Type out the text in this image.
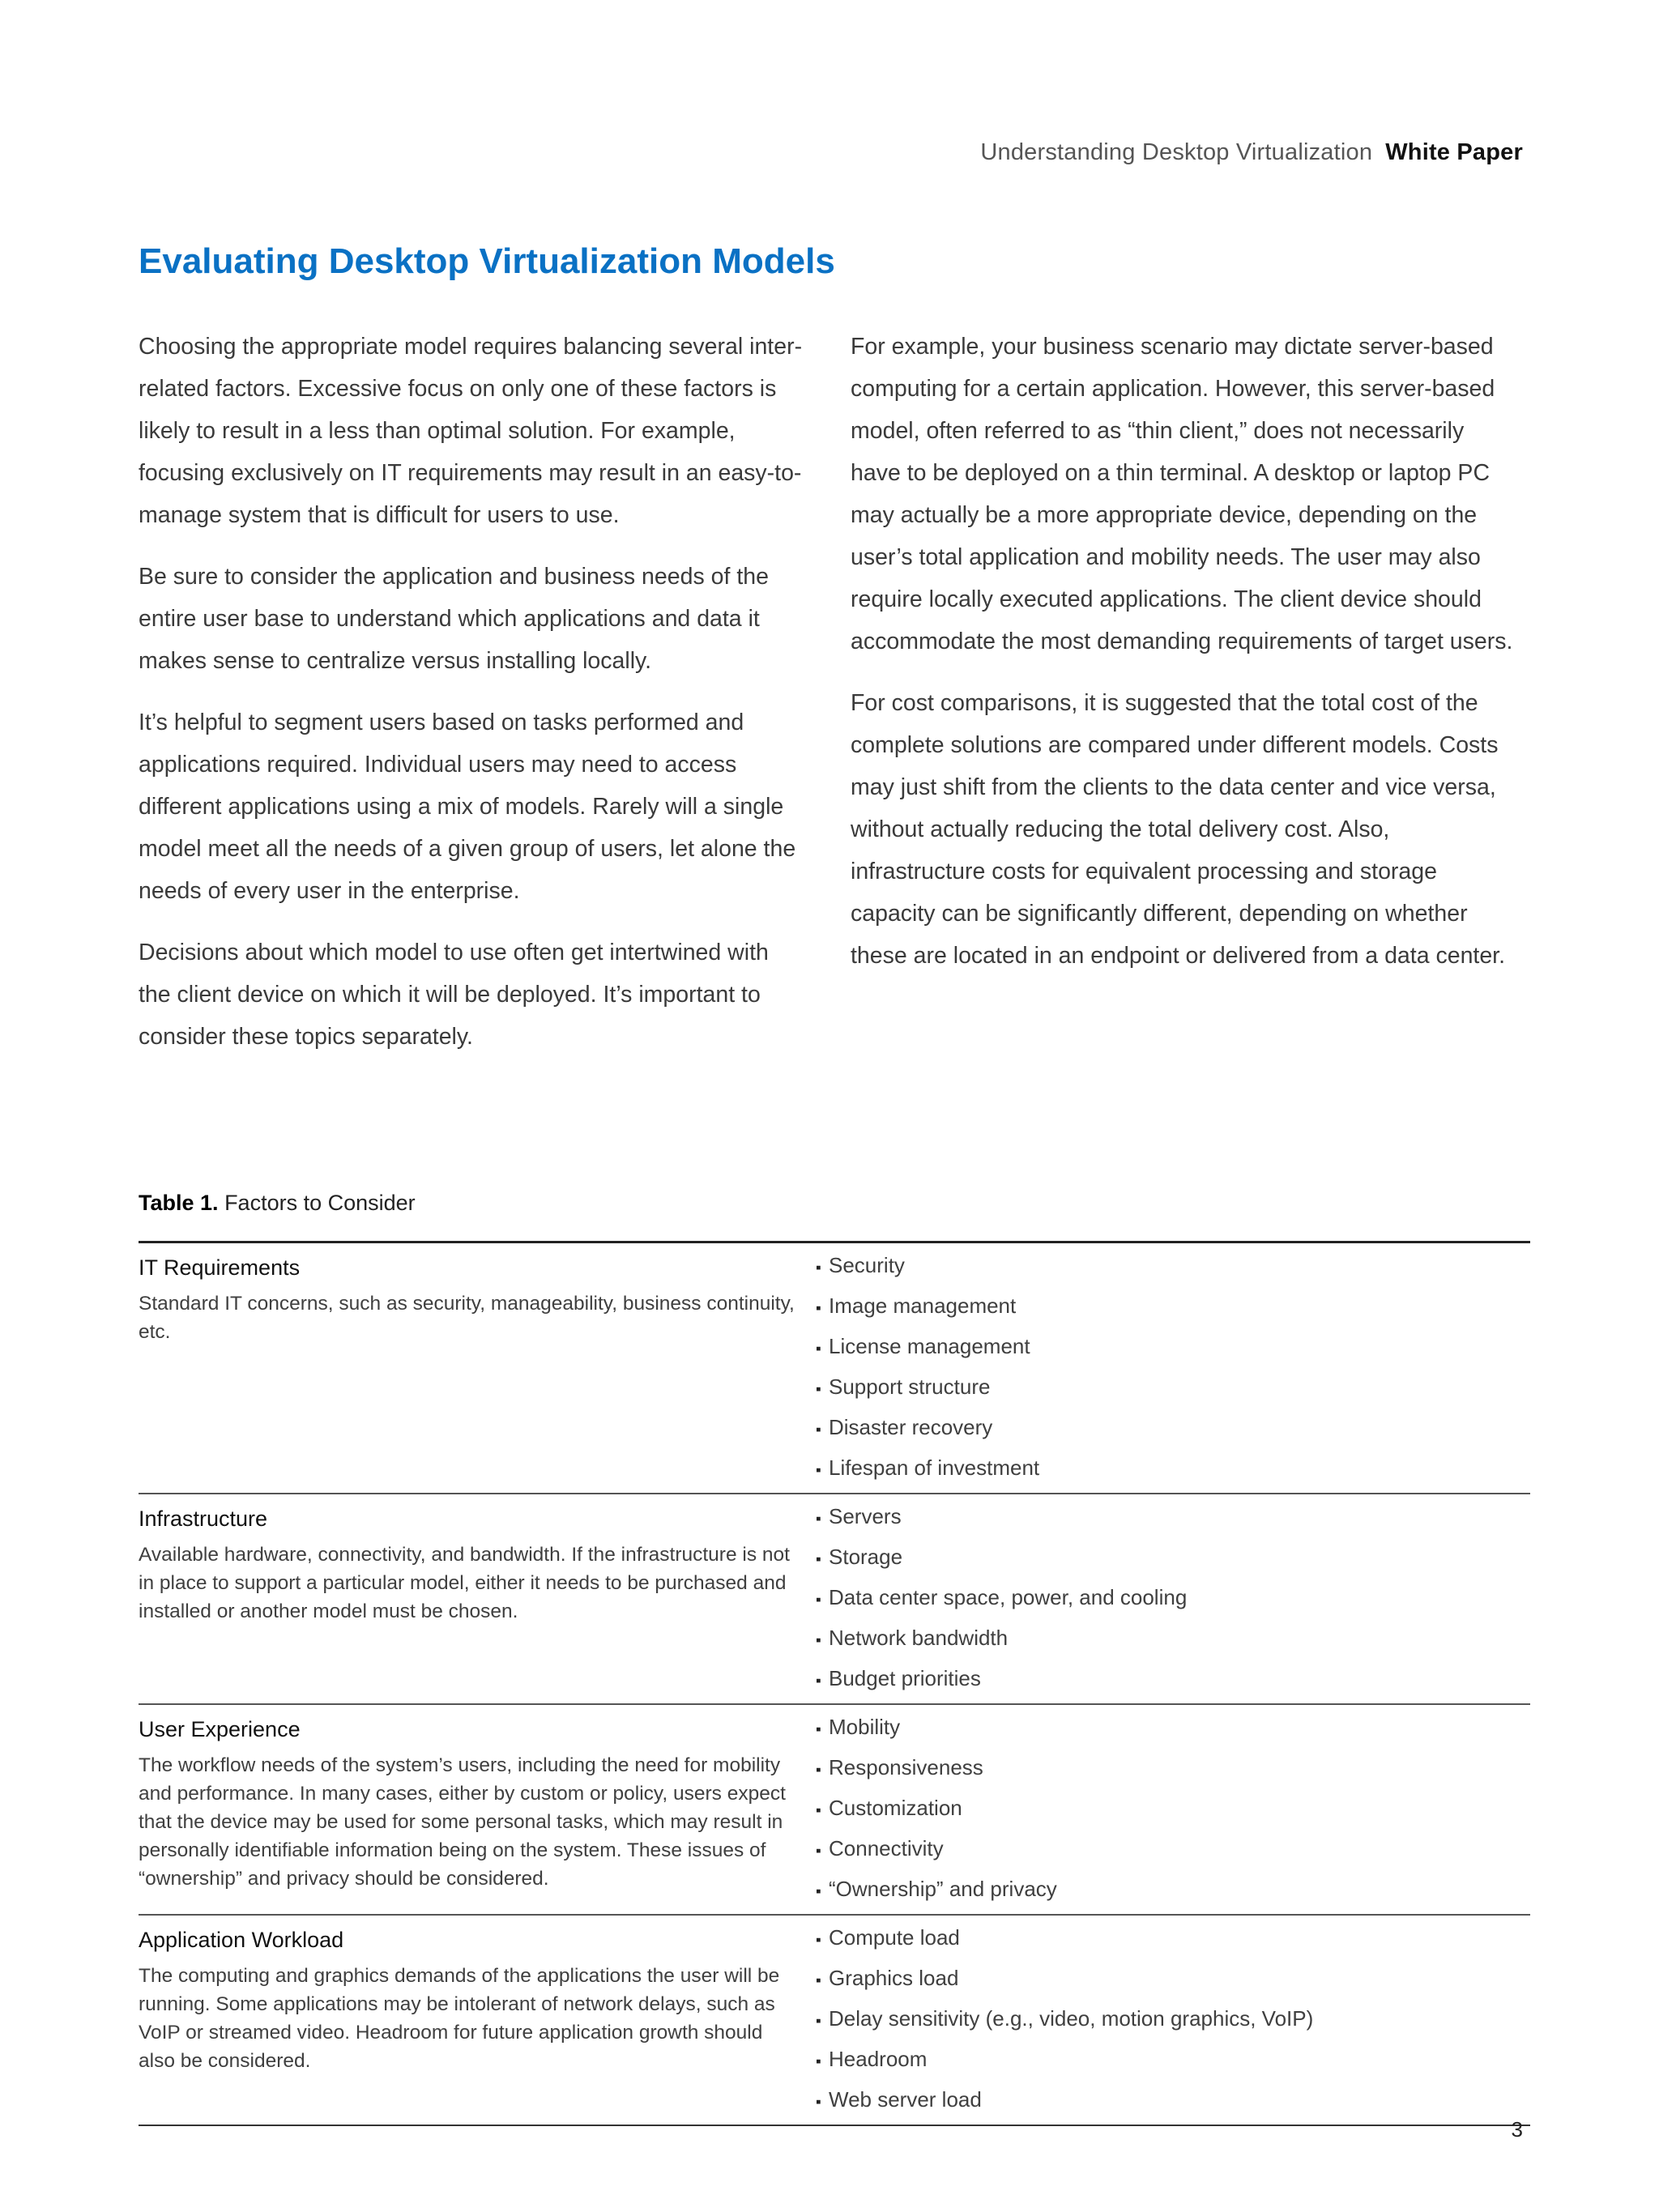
Understanding Desktop Virtualization White Paper
Evaluating Desktop Virtualization Models

Choosing the appropriate model requires balancing several inter-related factors. Excessive focus on only one of these factors is likely to result in a less than optimal solution. For example, focusing exclusively on IT requirements may result in an easy-to-manage system that is difficult for users to use.

Be sure to consider the application and business needs of the entire user base to understand which applications and data it makes sense to centralize versus installing locally.

It’s helpful to segment users based on tasks performed and applications required. Individual users may need to access different applications using a mix of models. Rarely will a single model meet all the needs of a given group of users, let alone the needs of every user in the enterprise.

Decisions about which model to use often get intertwined with the client device on which it will be deployed. It’s important to consider these topics separately.

For example, your business scenario may dictate server-based computing for a certain application. However, this server-based model, often referred to as “thin client,” does not necessarily have to be deployed on a thin terminal. A desktop or laptop PC may actually be a more appropriate device, depending on the user’s total application and mobility needs. The user may also require locally executed applications. The client device should accommodate the most demanding requirements of target users.

For cost comparisons, it is suggested that the total cost of the complete solutions are compared under different models. Costs may just shift from the clients to the data center and vice versa, without actually reducing the total delivery cost. Also, infrastructure costs for equivalent processing and storage capacity can be significantly different, depending on whether these are located in an endpoint or delivered from a data center.

Table 1. Factors to Consider
IT Requirements
Standard IT concerns, such as security, manageability, business continuity, etc.
▪ Security
▪ Image management
▪ License management
▪ Support structure
▪ Disaster recovery
▪ Lifespan of investment
Infrastructure
Available hardware, connectivity, and bandwidth. If the infrastructure is not in place to support a particular model, either it needs to be purchased and installed or another model must be chosen.
▪ Servers
▪ Storage
▪ Data center space, power, and cooling
▪ Network bandwidth
▪ Budget priorities
User Experience
The workflow needs of the system’s users, including the need for mobility and performance. In many cases, either by custom or policy, users expect that the device may be used for some personal tasks, which may result in personally identifiable information being on the system. These issues of “ownership” and privacy should be considered.
▪ Mobility
▪ Responsiveness
▪ Customization
▪ Connectivity
▪ “Ownership” and privacy
Application Workload
The computing and graphics demands of the applications the user will be running. Some applications may be intolerant of network delays, such as VoIP or streamed video. Headroom for future application growth should also be considered.
▪ Compute load
▪ Graphics load
▪ Delay sensitivity (e.g., video, motion graphics, VoIP)
▪ Headroom
▪ Web server load
3
